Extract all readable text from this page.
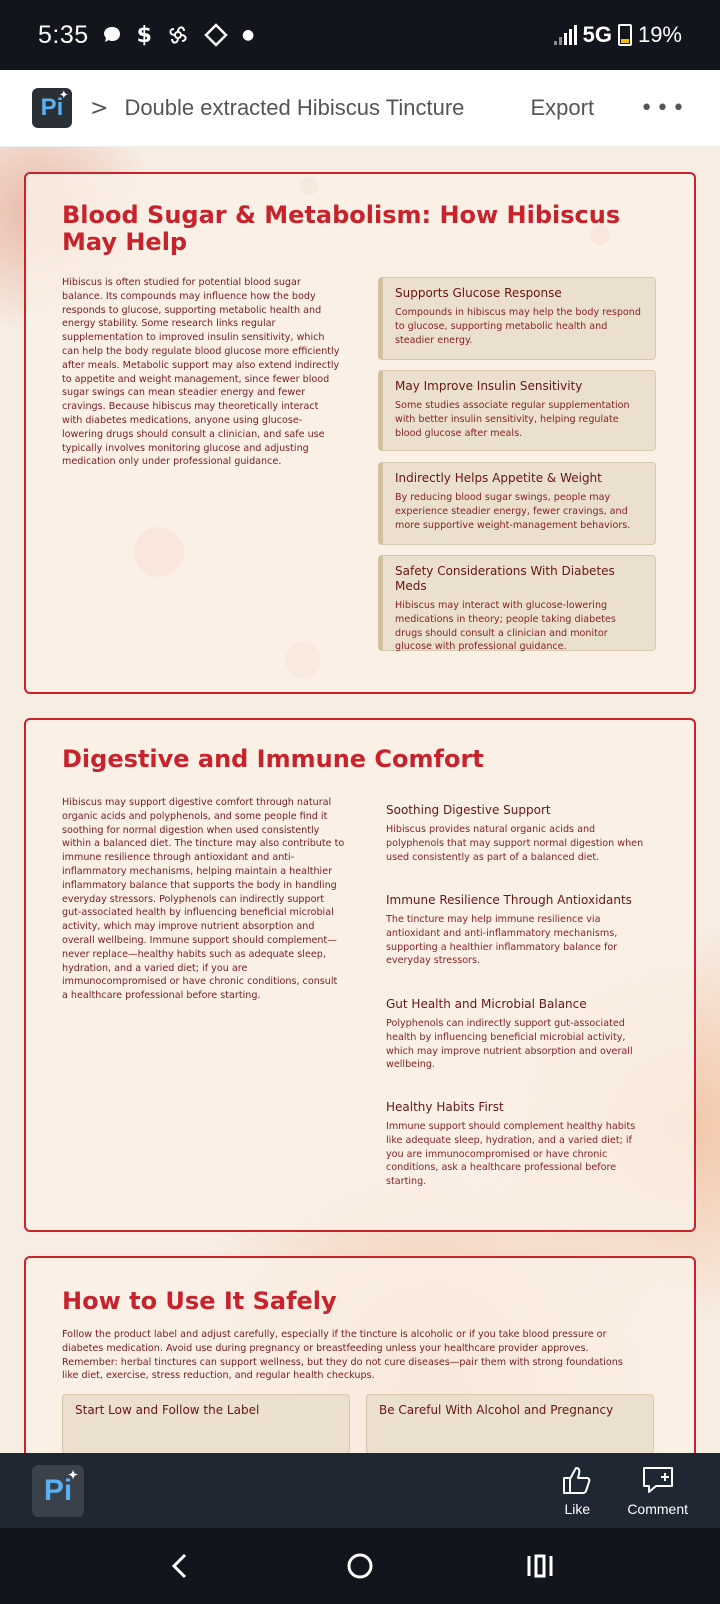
5:35 $	●	5G 19%
Pi
✦ > Double extracted Hibiscus Tincture	Export •••
Blood Sugar & Metabolism: How Hibiscus May Help

Hibiscus is often studied for potential blood sugar balance. Its compounds may influence how the body responds to glucose, supporting metabolic health and energy stability. Some research links regular supplementation to improved insulin sensitivity, which can help the body regulate blood glucose more efficiently after meals. Metabolic support may also extend indirectly to appetite and weight management, since fewer blood sugar swings can mean steadier energy and fewer cravings. Because hibiscus may theoretically interact with diabetes medications, anyone using glucose-lowering drugs should consult a clinician, and safe use typically involves monitoring glucose and adjusting medication only under professional guidance.

Supports Glucose Response
Compounds in hibiscus may help the body respond to glucose, supporting metabolic health and steadier energy.
May Improve Insulin Sensitivity
Some studies associate regular supplementation with better insulin sensitivity, helping regulate blood glucose after meals.
Indirectly Helps Appetite & Weight
By reducing blood sugar swings, people may experience steadier energy, fewer cravings, and more supportive weight-management behaviors.
Safety Considerations With Diabetes Meds
Hibiscus may interact with glucose-lowering medications in theory; people taking diabetes drugs should consult a clinician and monitor glucose with professional guidance.
Digestive and Immune Comfort

Hibiscus may support digestive comfort through natural organic acids and polyphenols, and some people find it soothing for normal digestion when used consistently within a balanced diet. The tincture may also contribute to immune resilience through antioxidant and anti-inflammatory mechanisms, helping maintain a healthier inflammatory balance that supports the body in handling everyday stressors. Polyphenols can indirectly support gut-associated health by influencing beneficial microbial activity, which may improve nutrient absorption and overall wellbeing. Immune support should complement—never replace—healthy habits such as adequate sleep, hydration, and a varied diet; if you are immunocompromised or have chronic conditions, consult a healthcare professional before starting.

Soothing Digestive Support
Hibiscus provides natural organic acids and polyphenols that may support normal digestion when used consistently as part of a balanced diet.
Immune Resilience Through Antioxidants
The tincture may help immune resilience via antioxidant and anti-inflammatory mechanisms, supporting a healthier inflammatory balance for everyday stressors.
Gut Health and Microbial Balance
Polyphenols can indirectly support gut-associated health by influencing beneficial microbial activity, which may improve nutrient absorption and overall wellbeing.
Healthy Habits First
Immune support should complement healthy habits like adequate sleep, hydration, and a varied diet; if you are immunocompromised or have chronic conditions, ask a healthcare professional before starting.
How to Use It Safely

Follow the product label and adjust carefully, especially if the tincture is alcoholic or if you take blood pressure or diabetes medication. Avoid use during pregnancy or breastfeeding unless your healthcare provider approves. Remember: herbal tinctures can support wellness, but they do not cure diseases—pair them with strong foundations like diet, exercise, stress reduction, and regular health checkups.

Start Low and Follow the Label	Be Careful With Alcohol and Pregnancy
Pi
✦
Like	Comment
